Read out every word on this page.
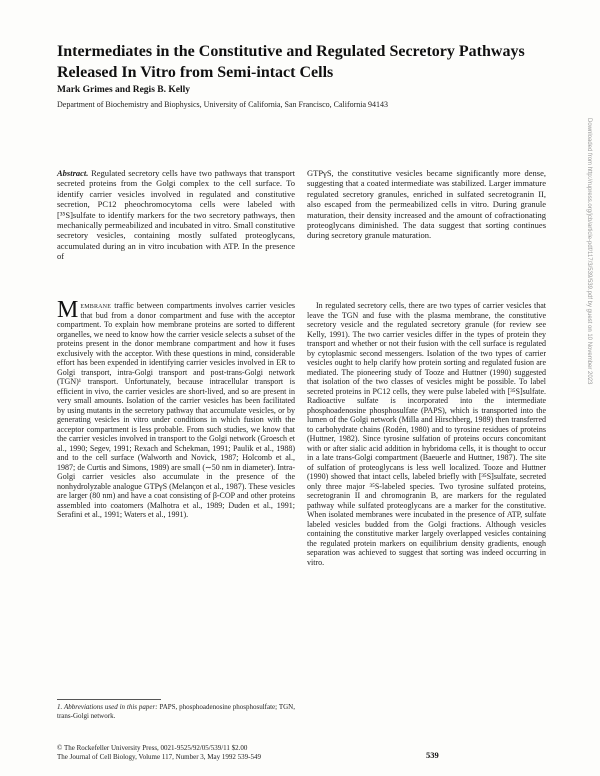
Intermediates in the Constitutive and Regulated Secretory Pathways Released In Vitro from Semi-intact Cells
Mark Grimes and Regis B. Kelly
Department of Biochemistry and Biophysics, University of California, San Francisco, California 94143
Abstract. Regulated secretory cells have two pathways that transport secreted proteins from the Golgi complex to the cell surface. To identify carrier vesicles involved in regulated and constitutive secretion, PC12 pheochromocytoma cells were labeled with [³⁵S]sulfate to identify markers for the two secretory pathways, then mechanically permeabilized and incubated in vitro. Small constitutive secretory vesicles, containing mostly sulfated proteoglycans, accumulated during an in vitro incubation with ATP. In the presence of
GTPγS, the constitutive vesicles became significantly more dense, suggesting that a coated intermediate was stabilized. Larger immature regulated secretory granules, enriched in sulfated secretogranin II, also escaped from the permeabilized cells in vitro. During granule maturation, their density increased and the amount of cofractionating proteoglycans diminished. The data suggest that sorting continues during secretory granule maturation.

Membrane traffic between compartments involves carrier vesicles that bud from a donor compartment and fuse with the acceptor compartment. To explain how membrane proteins are sorted to different organelles, we need to know how the carrier vesicle selects a subset of the proteins present in the donor membrane compartment and how it fuses exclusively with the acceptor. With these questions in mind, considerable effort has been expended in identifying carrier vesicles involved in ER to Golgi transport, intra-Golgi transport and post-trans-Golgi network (TGN)¹ transport. Unfortunately, because intracellular transport is efficient in vivo, the carrier vesicles are short-lived, and so are present in very small amounts. Isolation of the carrier vesicles has been facilitated by using mutants in the secretory pathway that accumulate vesicles, or by generating vesicles in vitro under conditions in which fusion with the acceptor compartment is less probable. From such studies, we know that the carrier vesicles involved in transport to the Golgi network (Groesch et al., 1990; Segev, 1991; Rexach and Schekman, 1991; Paulik et al., 1988) and to the cell surface (Walworth and Novick, 1987; Holcomb et al., 1987; de Curtis and Simons, 1989) are small (∼50 nm in diameter). Intra-Golgi carrier vesicles also accumulate in the presence of the nonhydrolyzable analogue GTPγS (Melançon et al., 1987). These vesicles are larger (80 nm) and have a coat consisting of β-COP and other proteins assembled into coatomers (Malhotra et al., 1989; Duden et al., 1991; Serafini et al., 1991; Waters et al., 1991).

In regulated secretory cells, there are two types of carrier vesicles that leave the TGN and fuse with the plasma membrane, the constitutive secretory vesicle and the regulated secretory granule (for review see Kelly, 1991). The two carrier vesicles differ in the types of protein they transport and whether or not their fusion with the cell surface is regulated by cytoplasmic second messengers. Isolation of the two types of carrier vesicles ought to help clarify how protein sorting and regulated fusion are mediated. The pioneering study of Tooze and Huttner (1990) suggested that isolation of the two classes of vesicles might be possible. To label secreted proteins in PC12 cells, they were pulse labeled with [³⁵S]sulfate. Radioactive sulfate is incorporated into the intermediate phosphoadenosine phosphosulfate (PAPS), which is transported into the lumen of the Golgi network (Milla and Hirschberg, 1989) then transferred to carbohydrate chains (Rodén, 1980) and to tyrosine residues of proteins (Huttner, 1982). Since tyrosine sulfation of proteins occurs concomitant with or after sialic acid addition in hybridoma cells, it is thought to occur in a late trans-Golgi compartment (Baeuerle and Huttner, 1987). The site of sulfation of proteoglycans is less well localized. Tooze and Huttner (1990) showed that intact cells, labeled briefly with [³⁵S]sulfate, secreted only three major ³⁵S-labeled species. Two tyrosine sulfated proteins, secretogranin II and chromogranin B, are markers for the regulated pathway while sulfated proteoglycans are a marker for the constitutive. When isolated membranes were incubated in the presence of ATP, sulfate labeled vesicles budded from the Golgi fractions. Although vesicles containing the constitutive marker largely overlapped vesicles containing the regulated protein markers on equilibrium density gradients, enough separation was achieved to suggest that sorting was indeed occurring in vitro.

1. Abbreviations used in this paper: PAPS, phosphoadenosine phosphosulfate; TGN, trans-Golgi network.
© The Rockefeller University Press, 0021-9525/92/05/539/11 $2.00
The Journal of Cell Biology, Volume 117, Number 3, May 1992 539-549	539
Downloaded from http://rupress.org/jcb/article-pdf/117/3/539/539.pdf by guest on 10 November 2023
